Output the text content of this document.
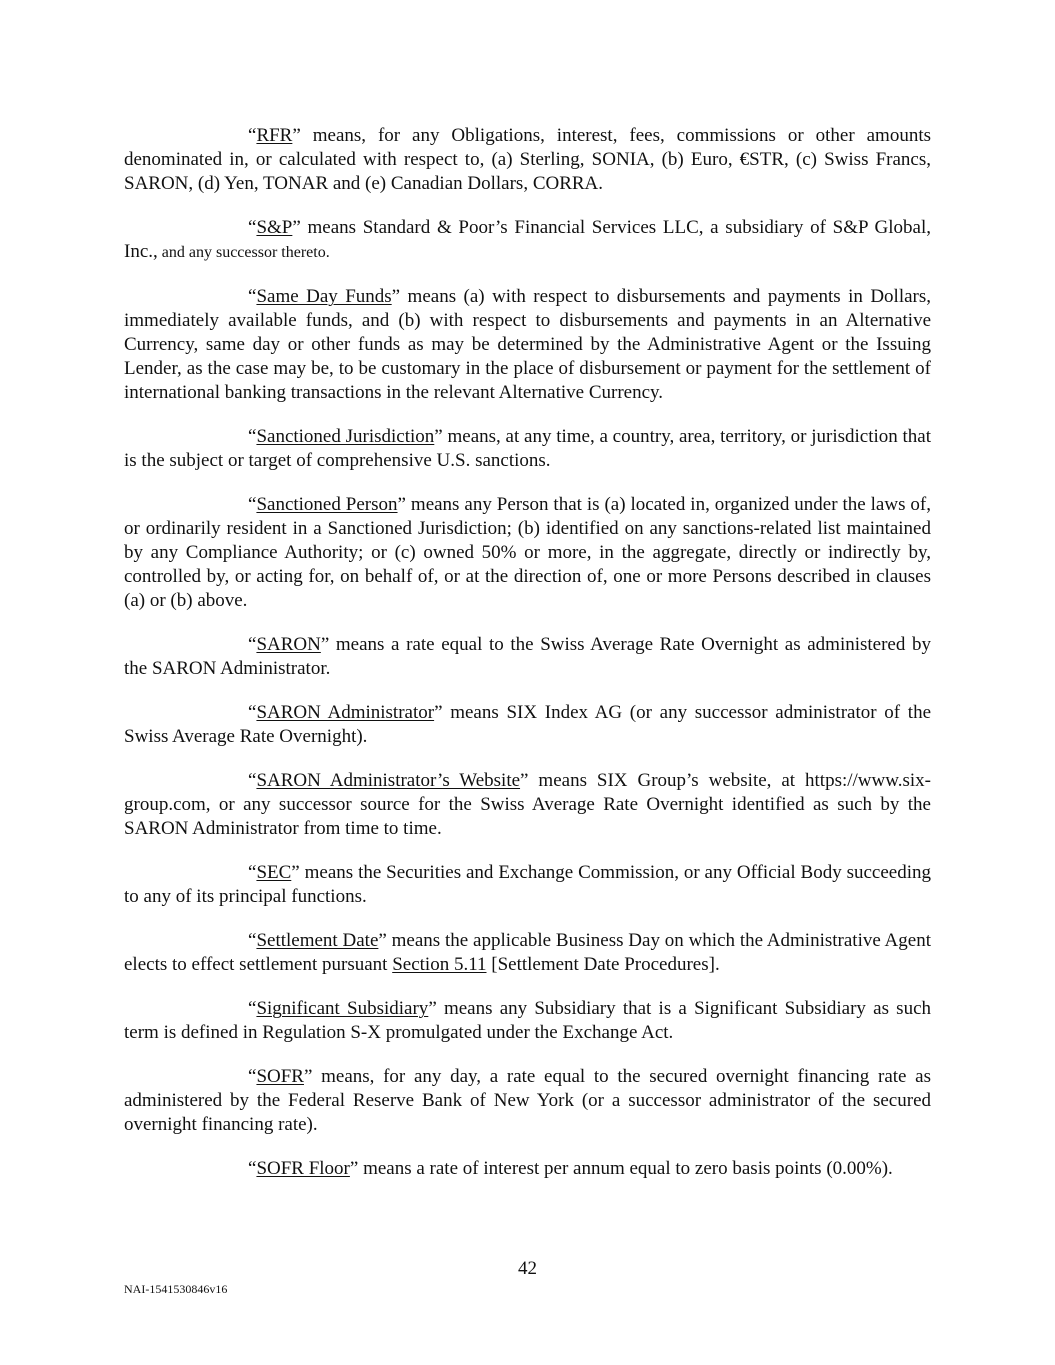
“RFR” means, for any Obligations, interest, fees, commissions or other amounts denominated in, or calculated with respect to, (a) Sterling, SONIA, (b) Euro, €STR, (c) Swiss Francs, SARON, (d) Yen, TONAR and (e) Canadian Dollars, CORRA.

“S&P” means Standard & Poor’s Financial Services LLC, a subsidiary of S&P Global, Inc., and any successor thereto.

“Same Day Funds” means (a) with respect to disbursements and payments in Dollars, immediately available funds, and (b) with respect to disbursements and payments in an Alternative Currency, same day or other funds as may be determined by the Administrative Agent or the Issuing Lender, as the case may be, to be customary in the place of disbursement or payment for the settlement of international banking transactions in the relevant Alternative Currency.

“Sanctioned Jurisdiction” means, at any time, a country, area, territory, or jurisdiction that is the subject or target of comprehensive U.S. sanctions.

“Sanctioned Person” means any Person that is (a) located in, organized under the laws of, or ordinarily resident in a Sanctioned Jurisdiction; (b) identified on any sanctions-related list maintained by any Compliance Authority; or (c) owned 50% or more, in the aggregate, directly or indirectly by, controlled by, or acting for, on behalf of, or at the direction of, one or more Persons described in clauses (a) or (b) above.

“SARON” means a rate equal to the Swiss Average Rate Overnight as administered by the SARON Administrator.

“SARON Administrator” means SIX Index AG (or any successor administrator of the Swiss Average Rate Overnight).

“SARON Administrator’s Website” means SIX Group’s website, at https://www.six-group.com, or any successor source for the Swiss Average Rate Overnight identified as such by the SARON Administrator from time to time.

“SEC” means the Securities and Exchange Commission, or any Official Body succeeding to any of its principal functions.

“Settlement Date” means the applicable Business Day on which the Administrative Agent elects to effect settlement pursuant Section 5.11 [Settlement Date Procedures].

“Significant Subsidiary” means any Subsidiary that is a Significant Subsidiary as such term is defined in Regulation S-X promulgated under the Exchange Act.

“SOFR” means, for any day, a rate equal to the secured overnight financing rate as administered by the Federal Reserve Bank of New York (or a successor administrator of the secured overnight financing rate).

“SOFR Floor” means a rate of interest per annum equal to zero basis points (0.00%).

42
NAI-1541530846v16
